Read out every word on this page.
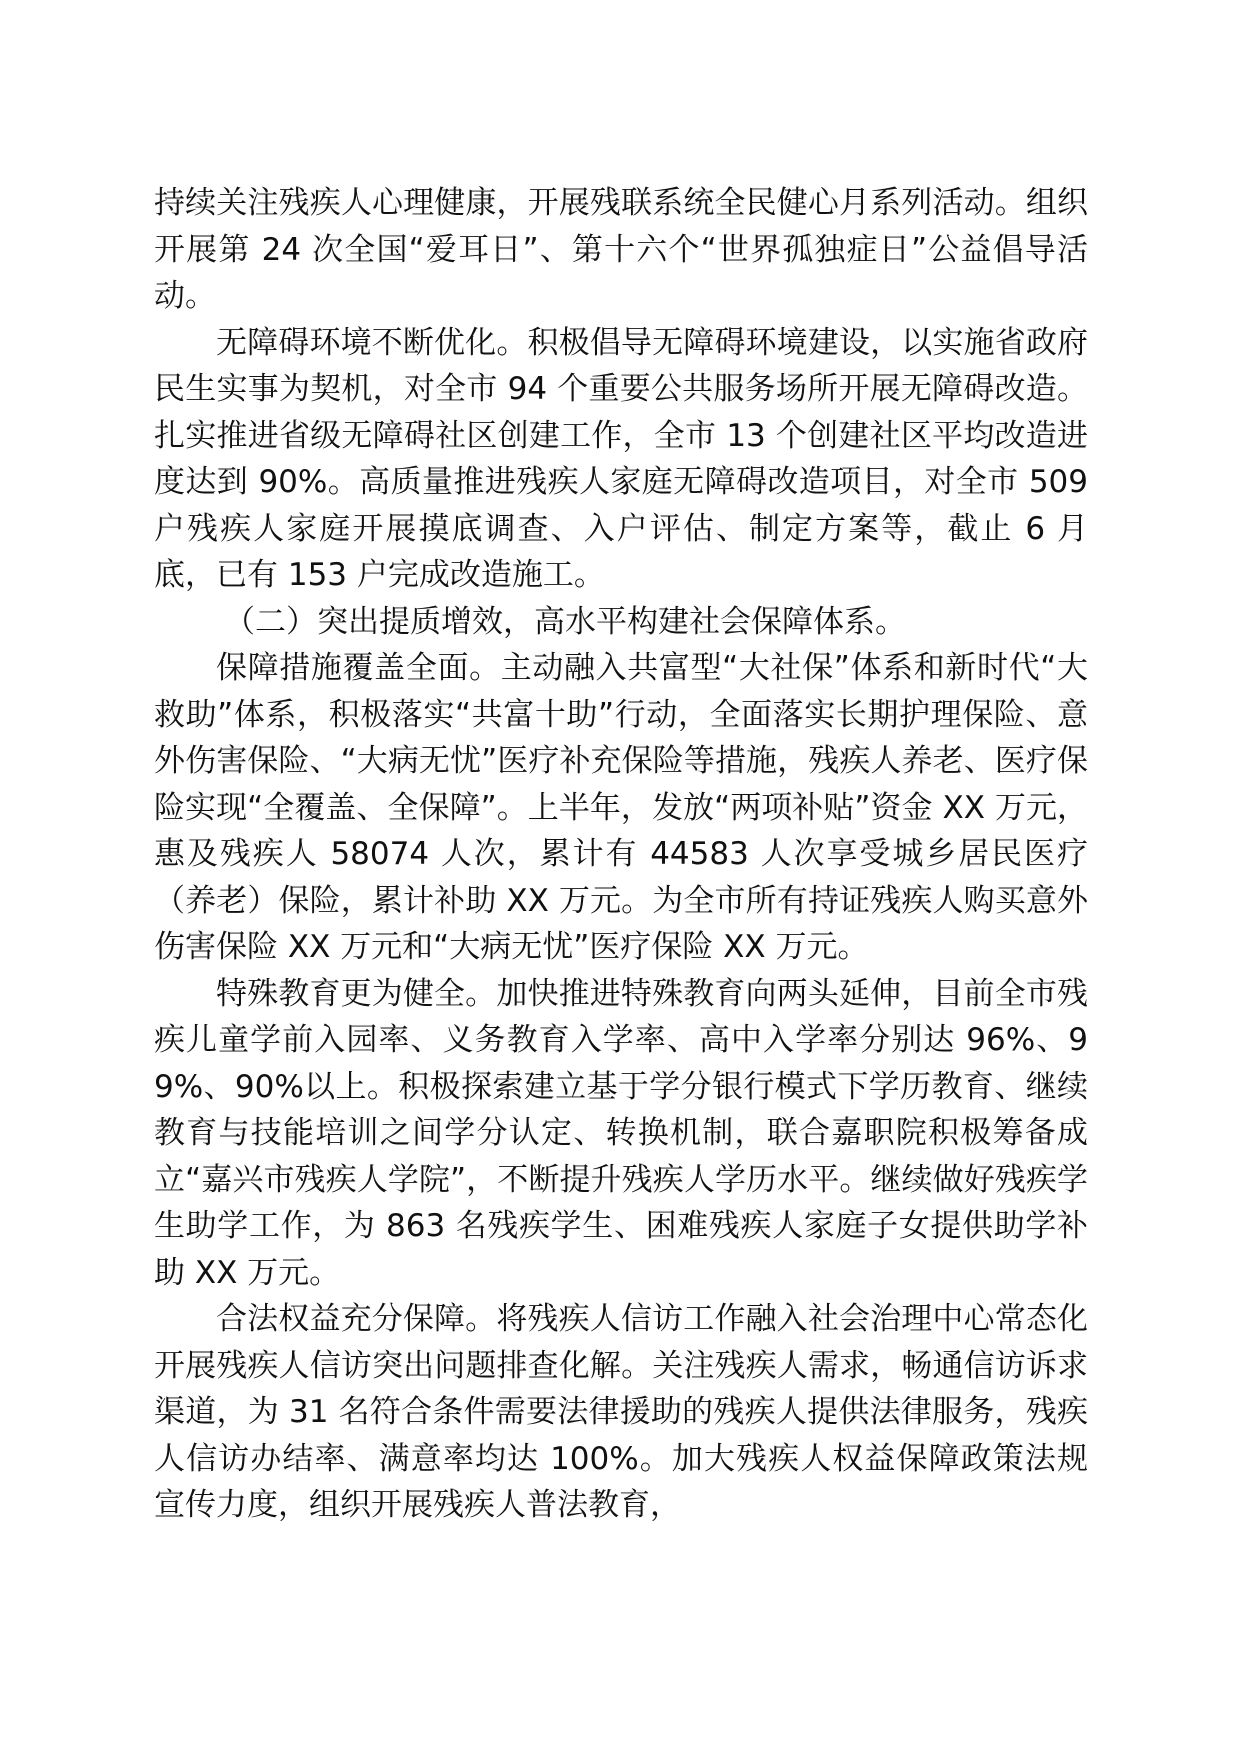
持续关注残疾人心理健康，开展残联系统全民健心月系列活动。组织开展第 24 次全国“爱耳日”、第十六个“世界孤独症日”公益倡导活动。

无障碍环境不断优化。积极倡导无障碍环境建设，以实施省政府民生实事为契机，对全市 94 个重要公共服务场所开展无障碍改造。扎实推进省级无障碍社区创建工作，全市 13 个创建社区平均改造进度达到 90%。高质量推进残疾人家庭无障碍改造项目，对全市 509 户残疾人家庭开展摸底调查、入户评估、制定方案等，截止 6 月底，已有 153 户完成改造施工。

（二）突出提质增效，高水平构建社会保障体系。

保障措施覆盖全面。主动融入共富型“大社保”体系和新时代“大救助”体系，积极落实“共富十助”行动，全面落实长期护理保险、意外伤害保险、“大病无忧”医疗补充保险等措施，残疾人养老、医疗保险实现“全覆盖、全保障”。上半年，发放“两项补贴”资金 XX 万元，惠及残疾人 58074 人次，累计有 44583 人次享受城乡居民医疗（养老）保险，累计补助 XX 万元。为全市所有持证残疾人购买意外伤害保险 XX 万元和“大病无忧”医疗保险 XX 万元。

特殊教育更为健全。加快推进特殊教育向两头延伸，目前全市残疾儿童学前入园率、义务教育入学率、高中入学率分别达 96%、99%、90%以上。积极探索建立基于学分银行模式下学历教育、继续教育与技能培训之间学分认定、转换机制，联合嘉职院积极筹备成立“嘉兴市残疾人学院”，不断提升残疾人学历水平。继续做好残疾学生助学工作，为 863 名残疾学生、困难残疾人家庭子女提供助学补助 XX 万元。

合法权益充分保障。将残疾人信访工作融入社会治理中心常态化开展残疾人信访突出问题排查化解。关注残疾人需求，畅通信访诉求渠道，为 31 名符合条件需要法律援助的残疾人提供法律服务，残疾人信访办结率、满意率均达 100%。加大残疾人权益保障政策法规宣传力度，组织开展残疾人普法教育，
